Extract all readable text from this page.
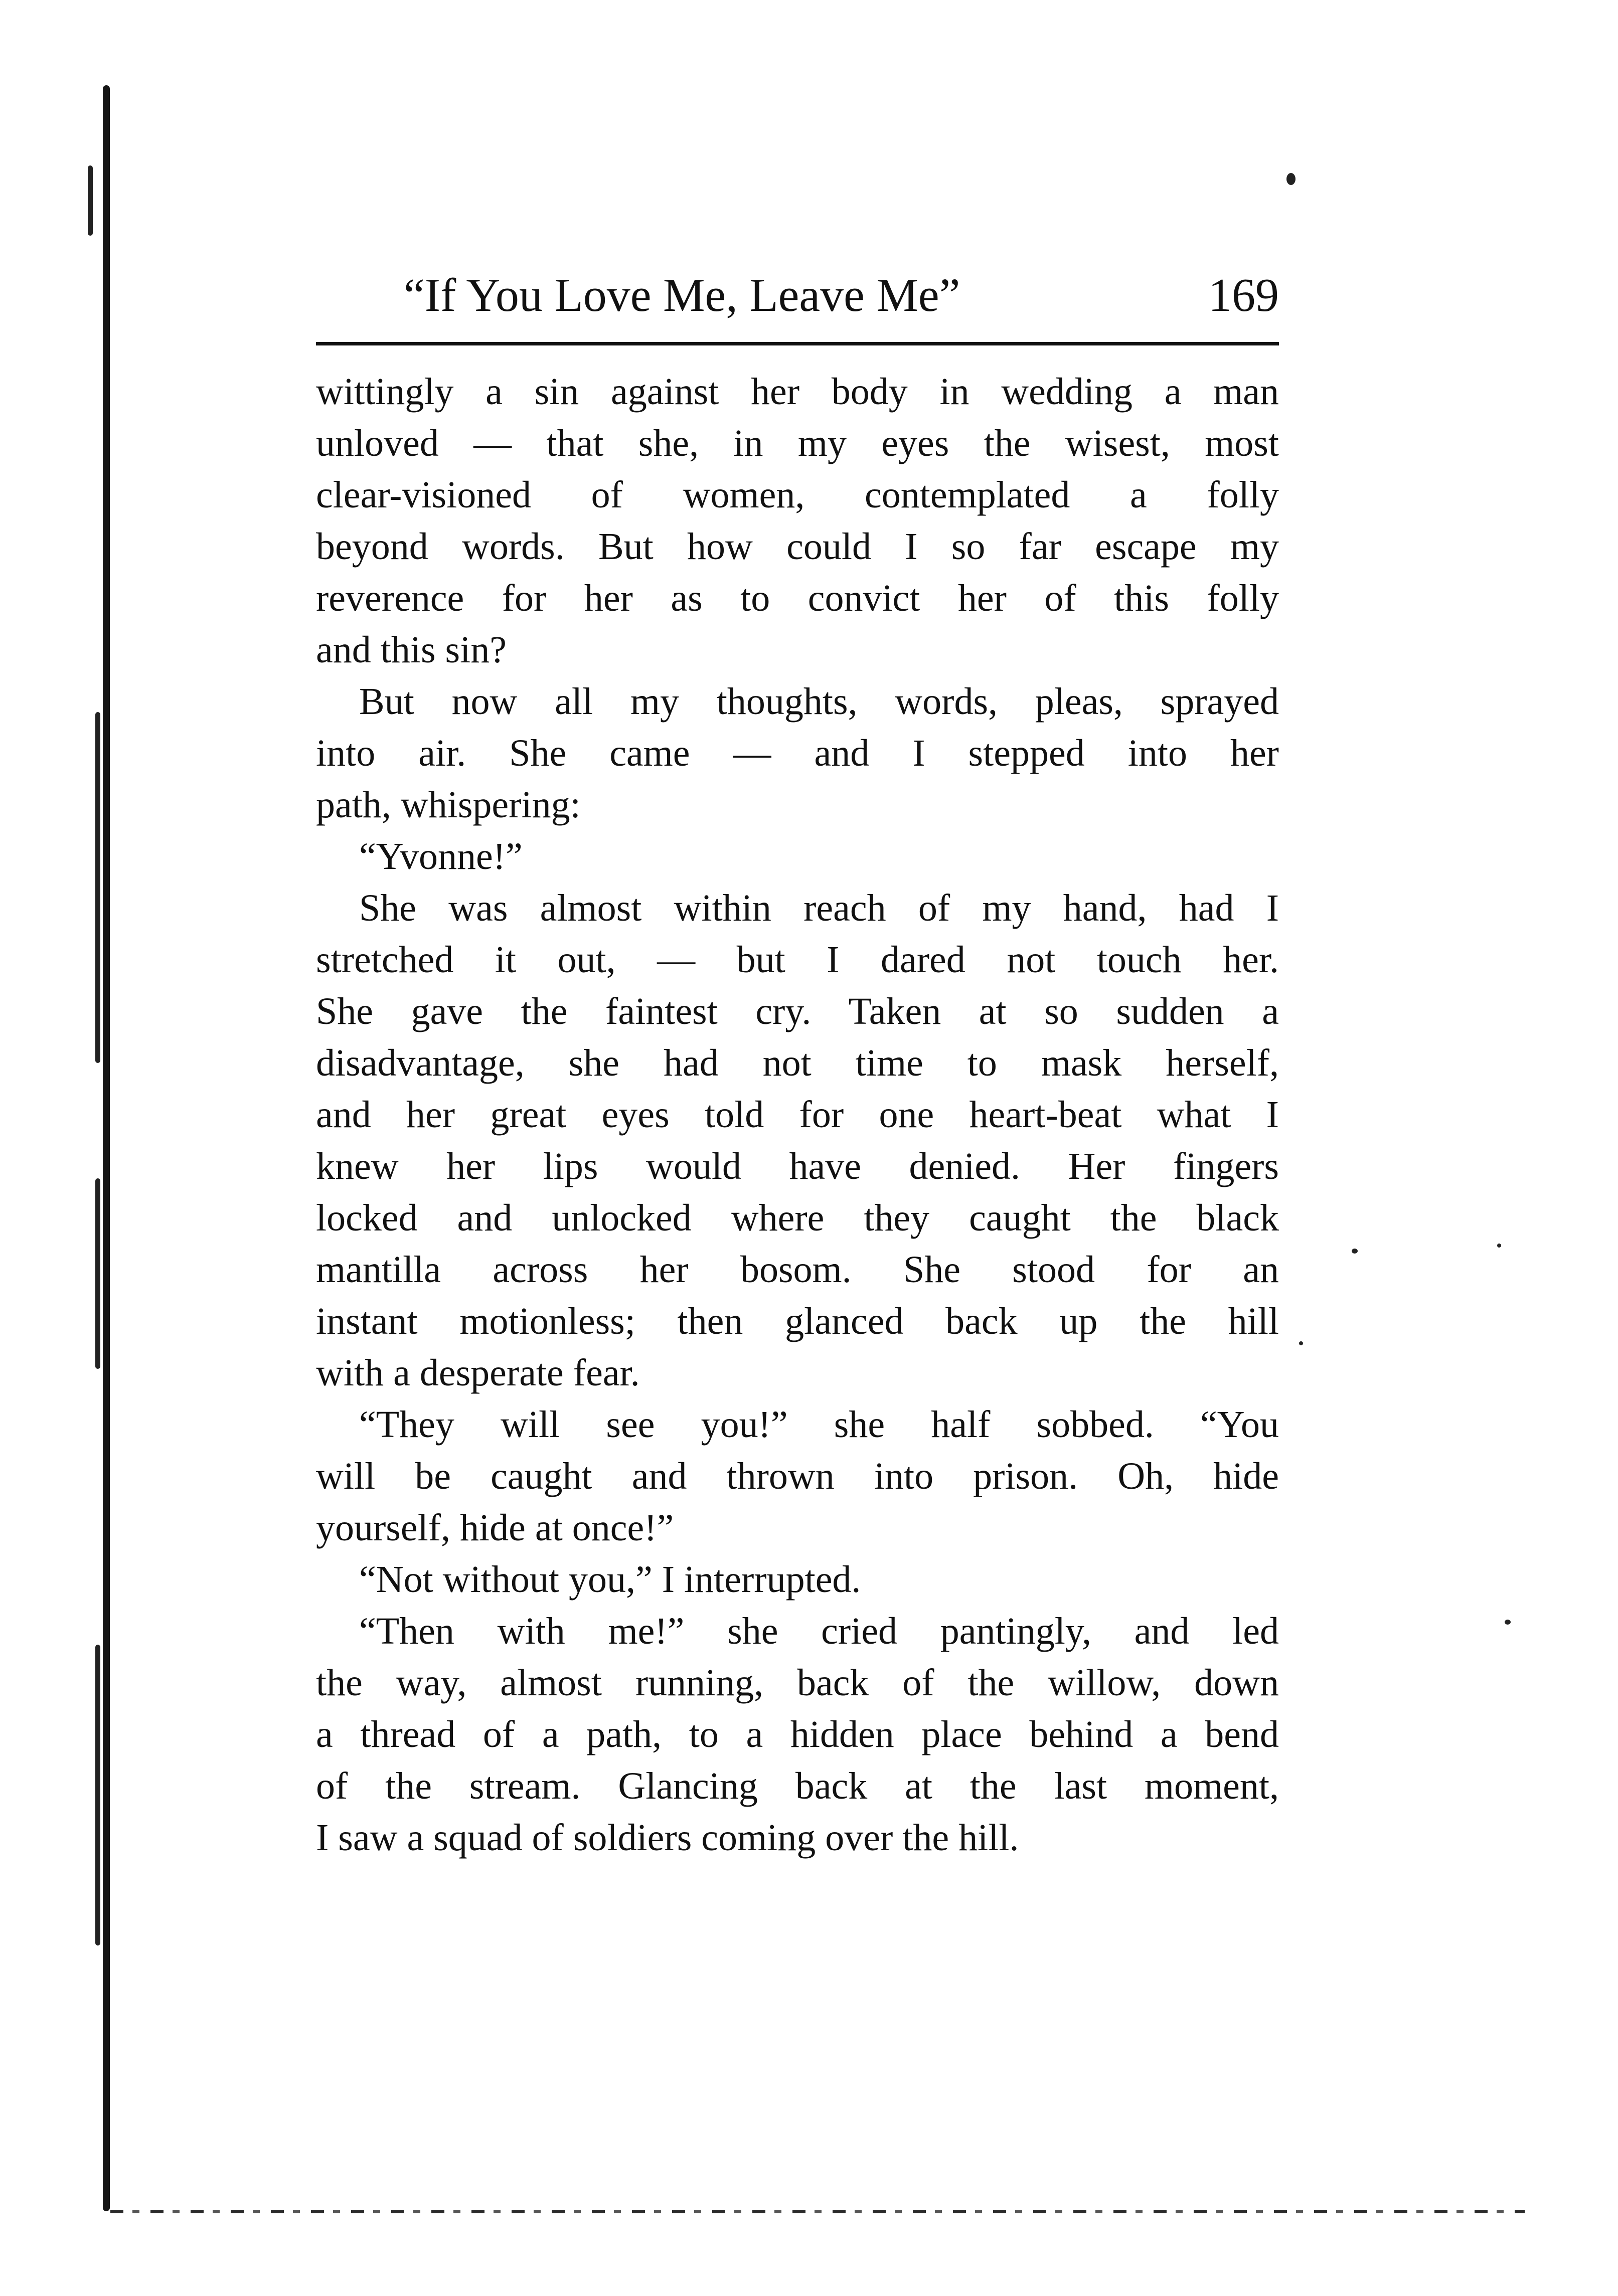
“If You Love Me, Leave Me”	169
wittingly a sin against her body in wedding a man
unloved — that she, in my eyes the wisest, most
clear-visioned of women, contemplated a folly
beyond words. But how could I so far escape my
reverence for her as to convict her of this folly
and this sin?
But now all my thoughts, words, pleas, sprayed
into air. She came — and I stepped into her
path, whispering:
“Yvonne!”
She was almost within reach of my hand, had I
stretched it out, — but I dared not touch her.
She gave the faintest cry. Taken at so sudden a
disadvantage, she had not time to mask herself,
and her great eyes told for one heart-beat what I
knew her lips would have denied. Her fingers
locked and unlocked where they caught the black
mantilla across her bosom. She stood for an
instant motionless; then glanced back up the hill
with a desperate fear.
“They will see you!” she half sobbed. “You
will be caught and thrown into prison. Oh, hide
yourself, hide at once!”
“Not without you,” I interrupted.
“Then with me!” she cried pantingly, and led
the way, almost running, back of the willow, down
a thread of a path, to a hidden place behind a bend
of the stream. Glancing back at the last moment,
I saw a squad of soldiers coming over the hill.
